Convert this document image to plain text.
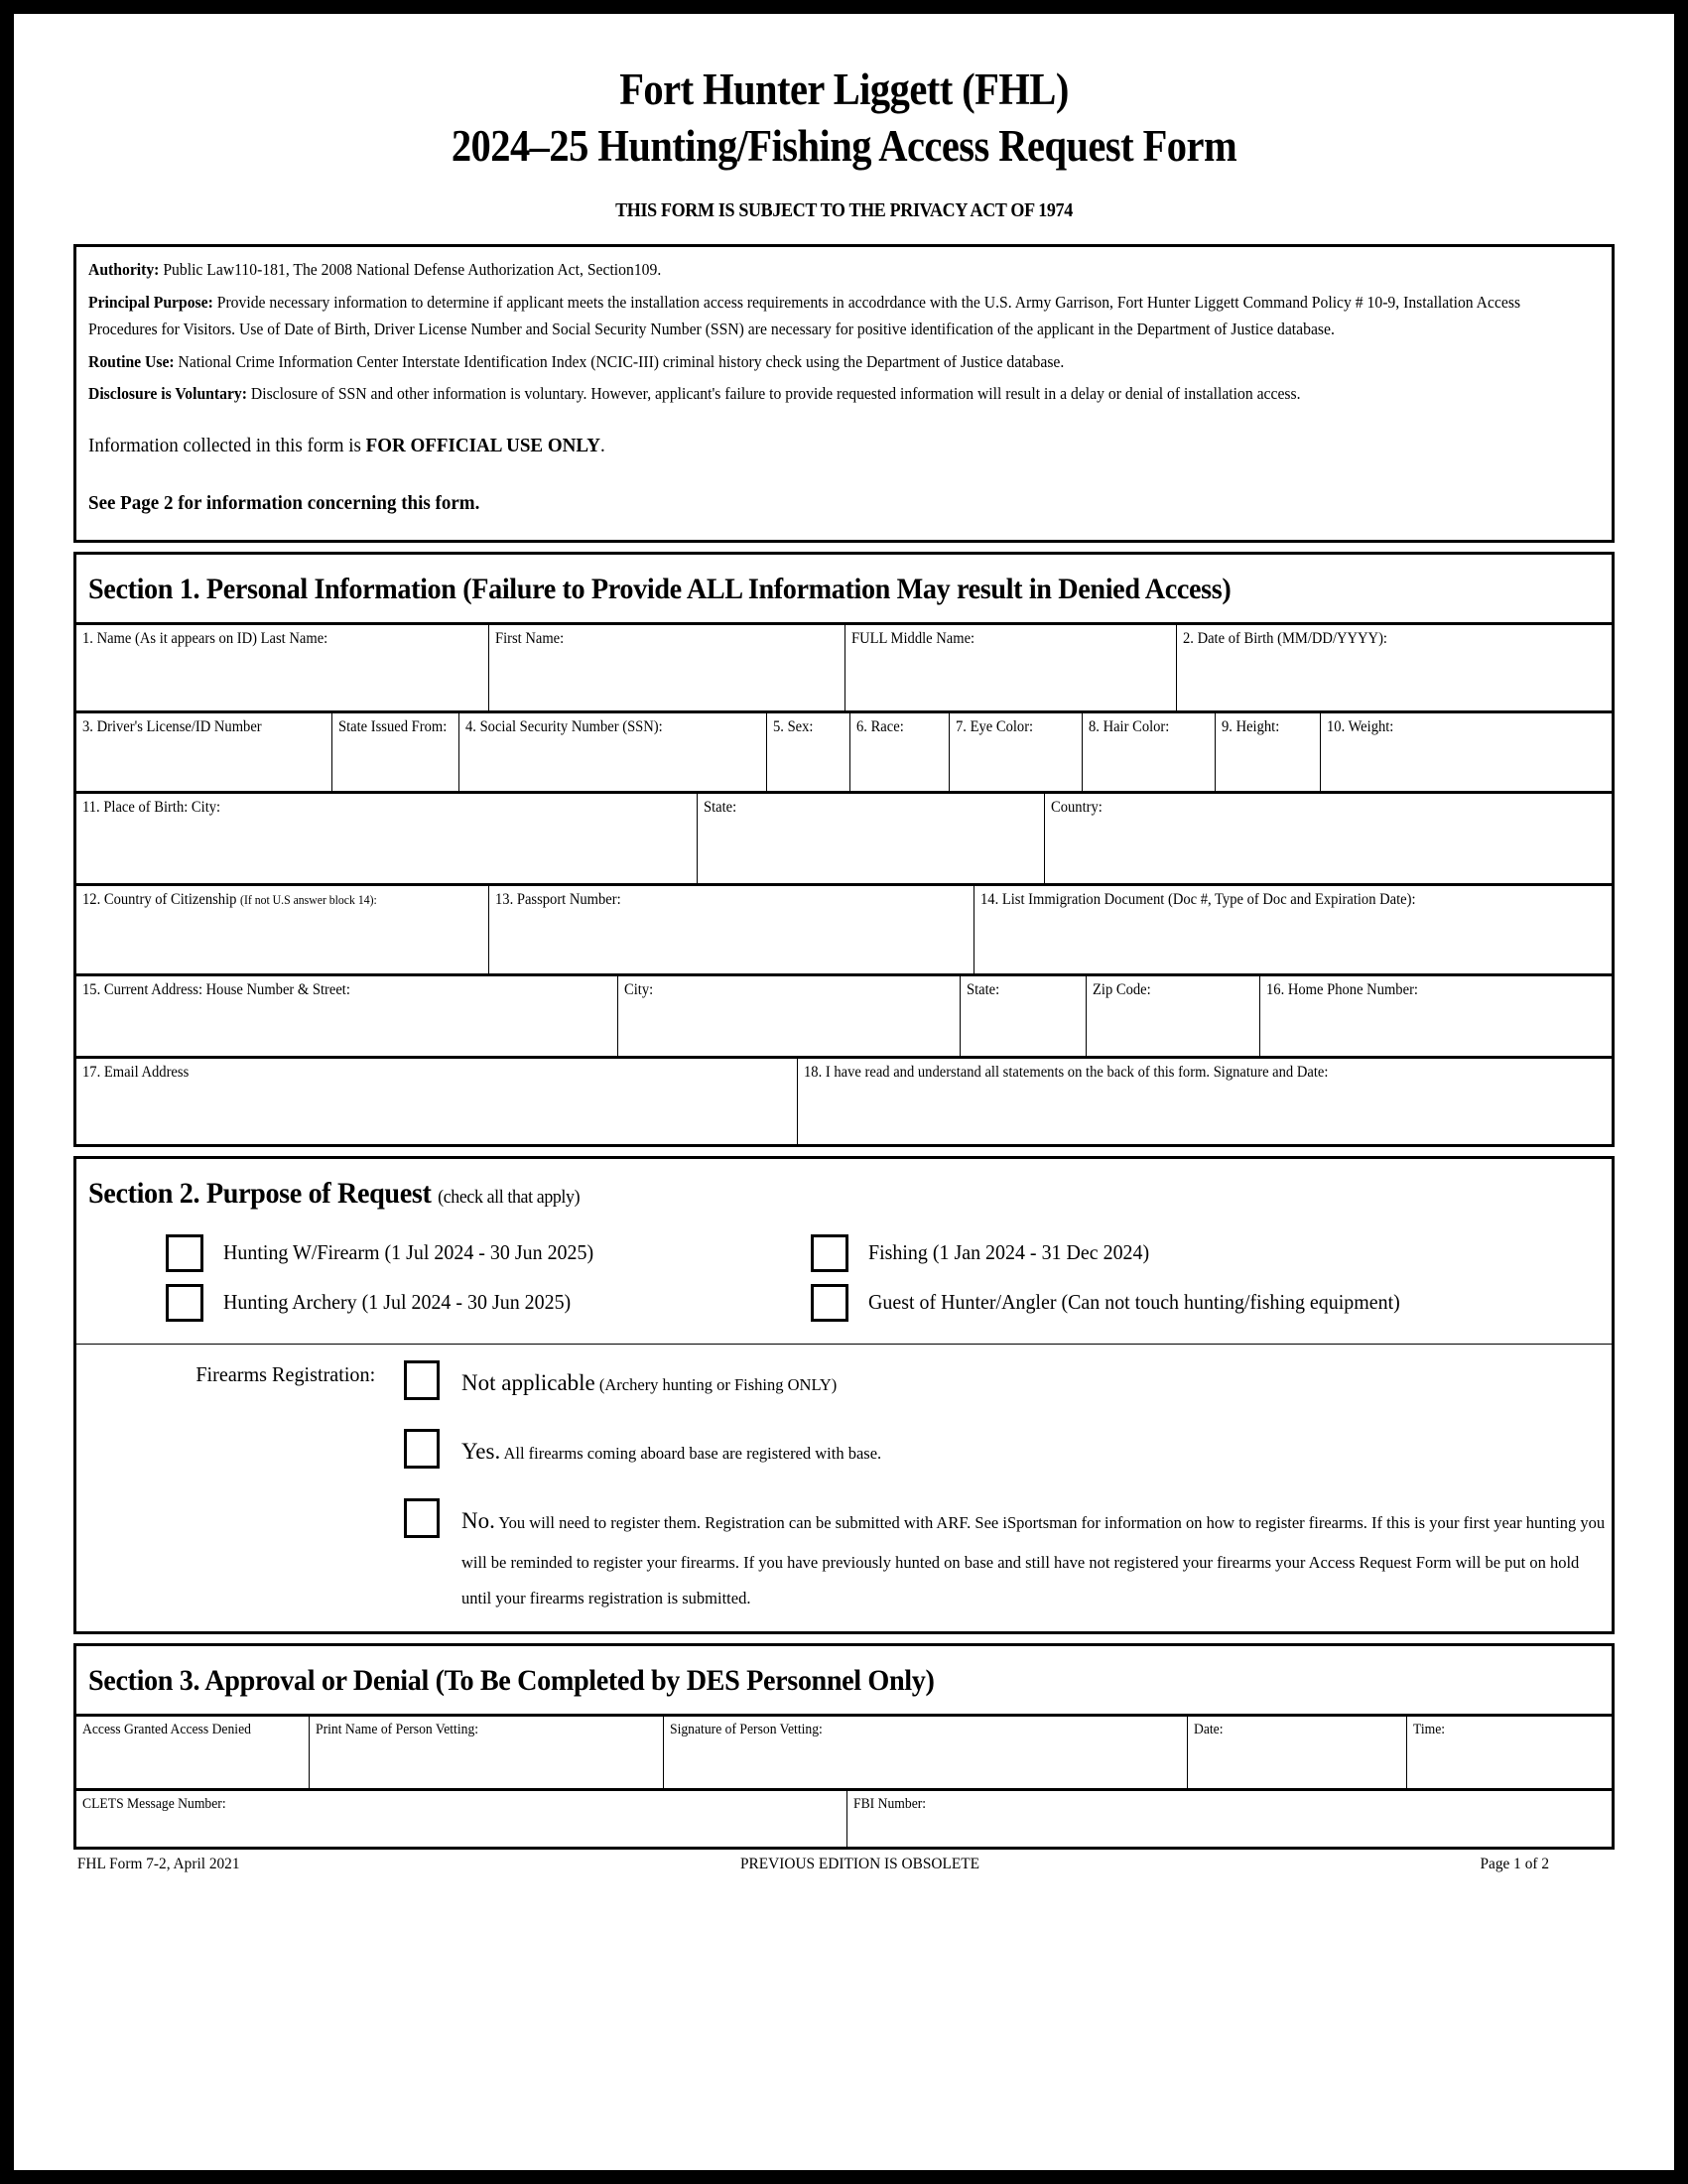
Fort Hunter Liggett (FHL)
2024–25 Hunting/Fishing Access Request Form
THIS FORM IS SUBJECT TO THE PRIVACY ACT OF 1974

Authority: Public Law110-181, The 2008 National Defense Authorization Act, Section109.

Principal Purpose: Provide necessary information to determine if applicant meets the installation access requirements in accodrdance with the U.S. Army Garrison, Fort Hunter Liggett Command Policy # 10-9, Installation Access Procedures for Visitors. Use of Date of Birth, Driver License Number and Social Security Number (SSN) are necessary for positive identification of the applicant in the Department of Justice database.

Routine Use: National Crime Information Center Interstate Identification Index (NCIC-III) criminal history check using the Department of Justice database.

Disclosure is Voluntary: Disclosure of SSN and other information is voluntary. However, applicant's failure to provide requested information will result in a delay or denial of installation access.

Information collected in this form is FOR OFFICIAL USE ONLY.

See Page 2 for information concerning this form.

Section 1. Personal Information (Failure to Provide ALL Information May result in Denied Access)
1. Name (As it appears on ID) Last Name:	First Name:	FULL Middle Name:	2. Date of Birth (MM/DD/YYYY):
3. Driver's License/ID Number	State Issued From: 4. Social Security Number (SSN):	5. Sex:	6. Race:	7. Eye Color:	8. Hair Color:	9. Height:	10. Weight:
11. Place of Birth: City:	State:	Country:
12. Country of Citizenship (If not U.S answer block 14):	13. Passport Number:	14. List Immigration Document (Doc #, Type of Doc and Expiration Date):
15. Current Address: House Number & Street:	City:	State:	Zip Code:	16. Home Phone Number:
17. Email Address	18. I have read and understand all statements on the back of this form. Signature and Date:
Section 2. Purpose of Request (check all that apply)
Hunting W/Firearm (1 Jul 2024 - 30 Jun 2025)	Fishing (1 Jan 2024 - 31 Dec 2024)
Hunting Archery (1 Jul 2024 - 30 Jun 2025)	Guest of Hunter/Angler (Can not touch hunting/fishing equipment)
Firearms Registration:	Not applicable (Archery hunting or Fishing ONLY)
Yes. All firearms coming aboard base are registered with base.
No. You will need to register them. Registration can be submitted with ARF. See iSportsman for information on how to register firearms. If this is your first year hunting you will be reminded to register your firearms. If you have previously hunted on base and still have not registered your firearms your Access Request Form will be put on hold until your firearms registration is submitted.
Section 3. Approval or Denial (To Be Completed by DES Personnel Only)
Access Granted Access Denied	Print Name of Person Vetting:	Signature of Person Vetting:	Date:	Time:
CLETS Message Number:	FBI Number:
FHL Form 7-2, April 2021	PREVIOUS EDITION IS OBSOLETE	Page 1 of 2
